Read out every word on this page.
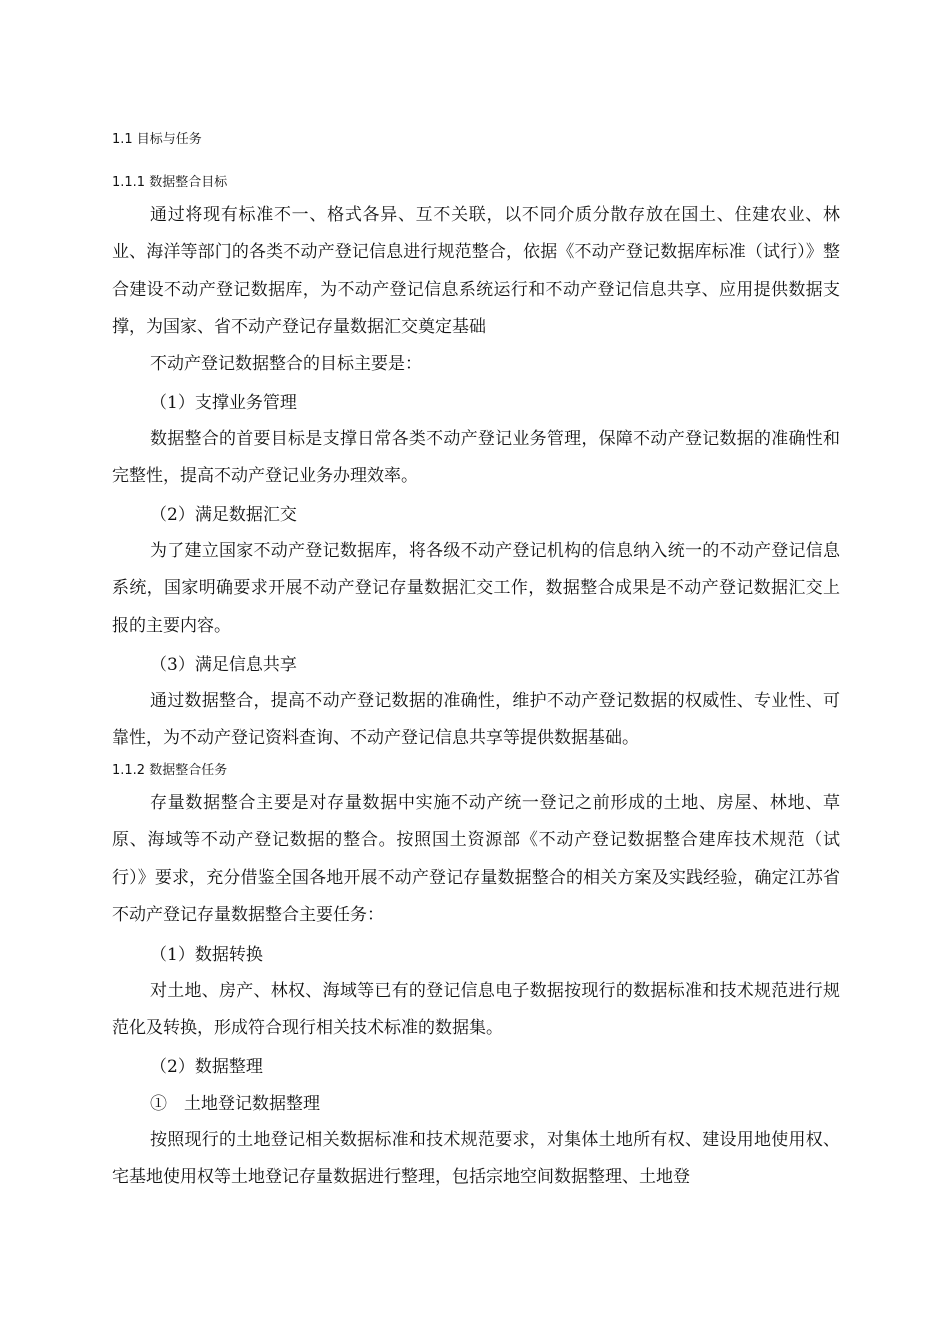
1.1 目标与任务
1.1.1 数据整合目标

通过将现有标准不一、格式各异、互不关联，以不同介质分散存放在国土、住建农业、林业、海洋等部门的各类不动产登记信息进行规范整合，依据《不动产登记数据库标准（试行）》整合建设不动产登记数据库，为不动产登记信息系统运行和不动产登记信息共享、应用提供数据支撑，为国家、省不动产登记存量数据汇交奠定基础

不动产登记数据整合的目标主要是：

（1）支撑业务管理

数据整合的首要目标是支撑日常各类不动产登记业务管理，保障不动产登记数据的准确性和完整性，提高不动产登记业务办理效率。

（2）满足数据汇交

为了建立国家不动产登记数据库，将各级不动产登记机构的信息纳入统一的不动产登记信息系统，国家明确要求开展不动产登记存量数据汇交工作，数据整合成果是不动产登记数据汇交上报的主要内容。

（3）满足信息共享

通过数据整合，提高不动产登记数据的准确性，维护不动产登记数据的权威性、专业性、可靠性，为不动产登记资料查询、不动产登记信息共享等提供数据基础。

1.1.2 数据整合任务

存量数据整合主要是对存量数据中实施不动产统一登记之前形成的土地、房屋、林地、草原、海域等不动产登记数据的整合。按照国土资源部《不动产登记数据整合建库技术规范（试行）》要求，充分借鉴全国各地开展不动产登记存量数据整合的相关方案及实践经验，确定江苏省不动产登记存量数据整合主要任务：

（1）数据转换

对土地、房产、林权、海域等已有的登记信息电子数据按现行的数据标准和技术规范进行规范化及转换，形成符合现行相关技术标准的数据集。

（2）数据整理
①　土地登记数据整理

按照现行的土地登记相关数据标准和技术规范要求，对集体土地所有权、建设用地使用权、宅基地使用权等土地登记存量数据进行整理，包括宗地空间数据整理、土地登
